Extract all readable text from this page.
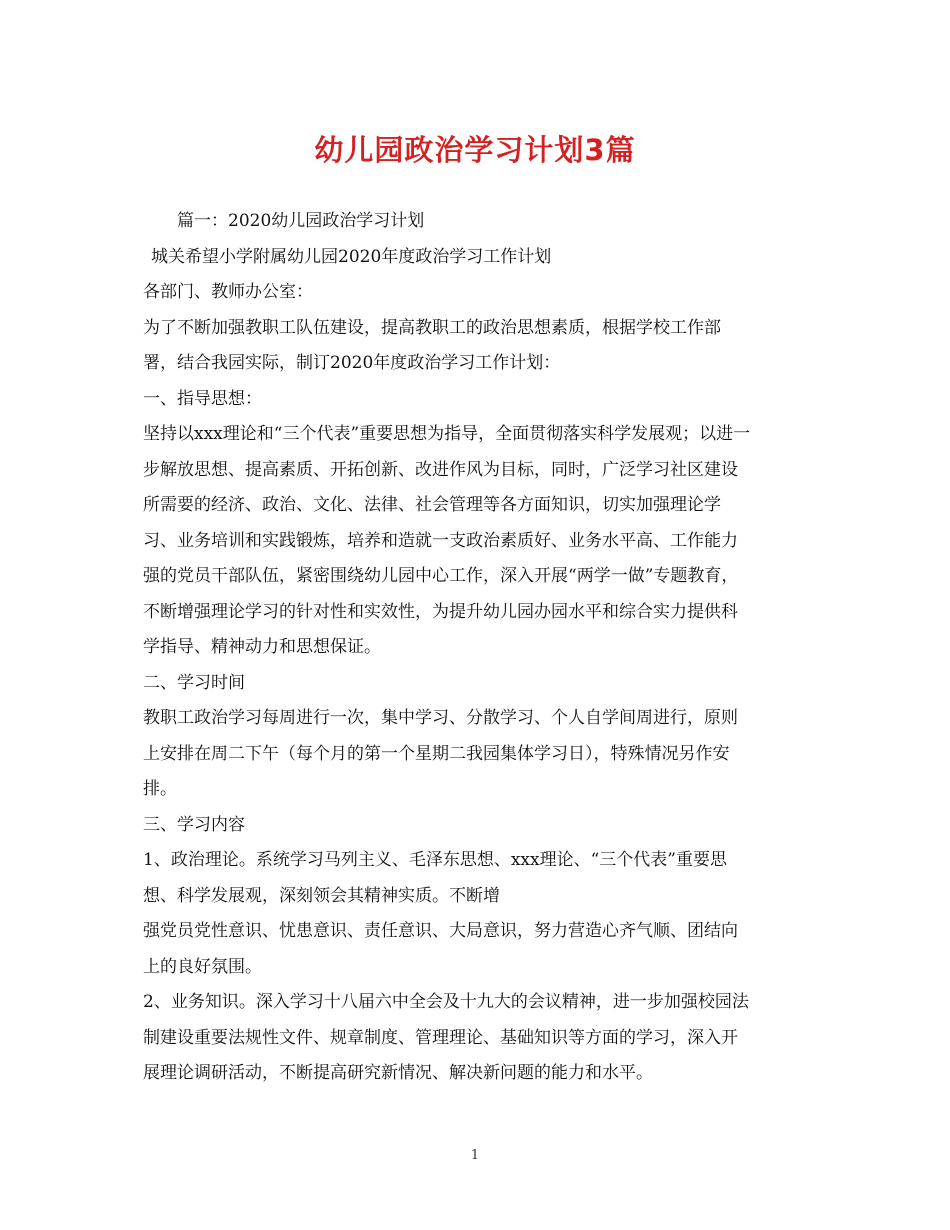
幼儿园政治学习计划3篇
篇一：2020幼儿园政治学习计划
城关希望小学附属幼儿园2020年度政治学习工作计划
各部门、教师办公室：
为了不断加强教职工队伍建设，提高教职工的政治思想素质，根据学校工作部
署，结合我园实际，制订2020年度政治学习工作计划：
一、指导思想：
坚持以xxx理论和“三个代表”重要思想为指导，全面贯彻落实科学发展观；以进一
步解放思想、提高素质、开拓创新、改进作风为目标，同时，广泛学习社区建设
所需要的经济、政治、文化、法律、社会管理等各方面知识，切实加强理论学
习、业务培训和实践锻炼，培养和造就一支政治素质好、业务水平高、工作能力
强的党员干部队伍，紧密围绕幼儿园中心工作，深入开展“两学一做”专题教育，
不断增强理论学习的针对性和实效性，为提升幼儿园办园水平和综合实力提供科
学指导、精神动力和思想保证。
二、学习时间
教职工政治学习每周进行一次，集中学习、分散学习、个人自学间周进行，原则
上安排在周二下午（每个月的第一个星期二我园集体学习日），特殊情况另作安
排。
三、学习内容
1、政治理论。系统学习马列主义、毛泽东思想、xxx理论、“三个代表”重要思
想、科学发展观，深刻领会其精神实质。不断增
强党员党性意识、忧患意识、责任意识、大局意识，努力营造心齐气顺、团结向
上的良好氛围。
2、业务知识。深入学习十八届六中全会及十九大的会议精神，进一步加强校园法
制建设重要法规性文件、规章制度、管理理论、基础知识等方面的学习，深入开
展理论调研活动，不断提高研究新情况、解决新问题的能力和水平。
1
